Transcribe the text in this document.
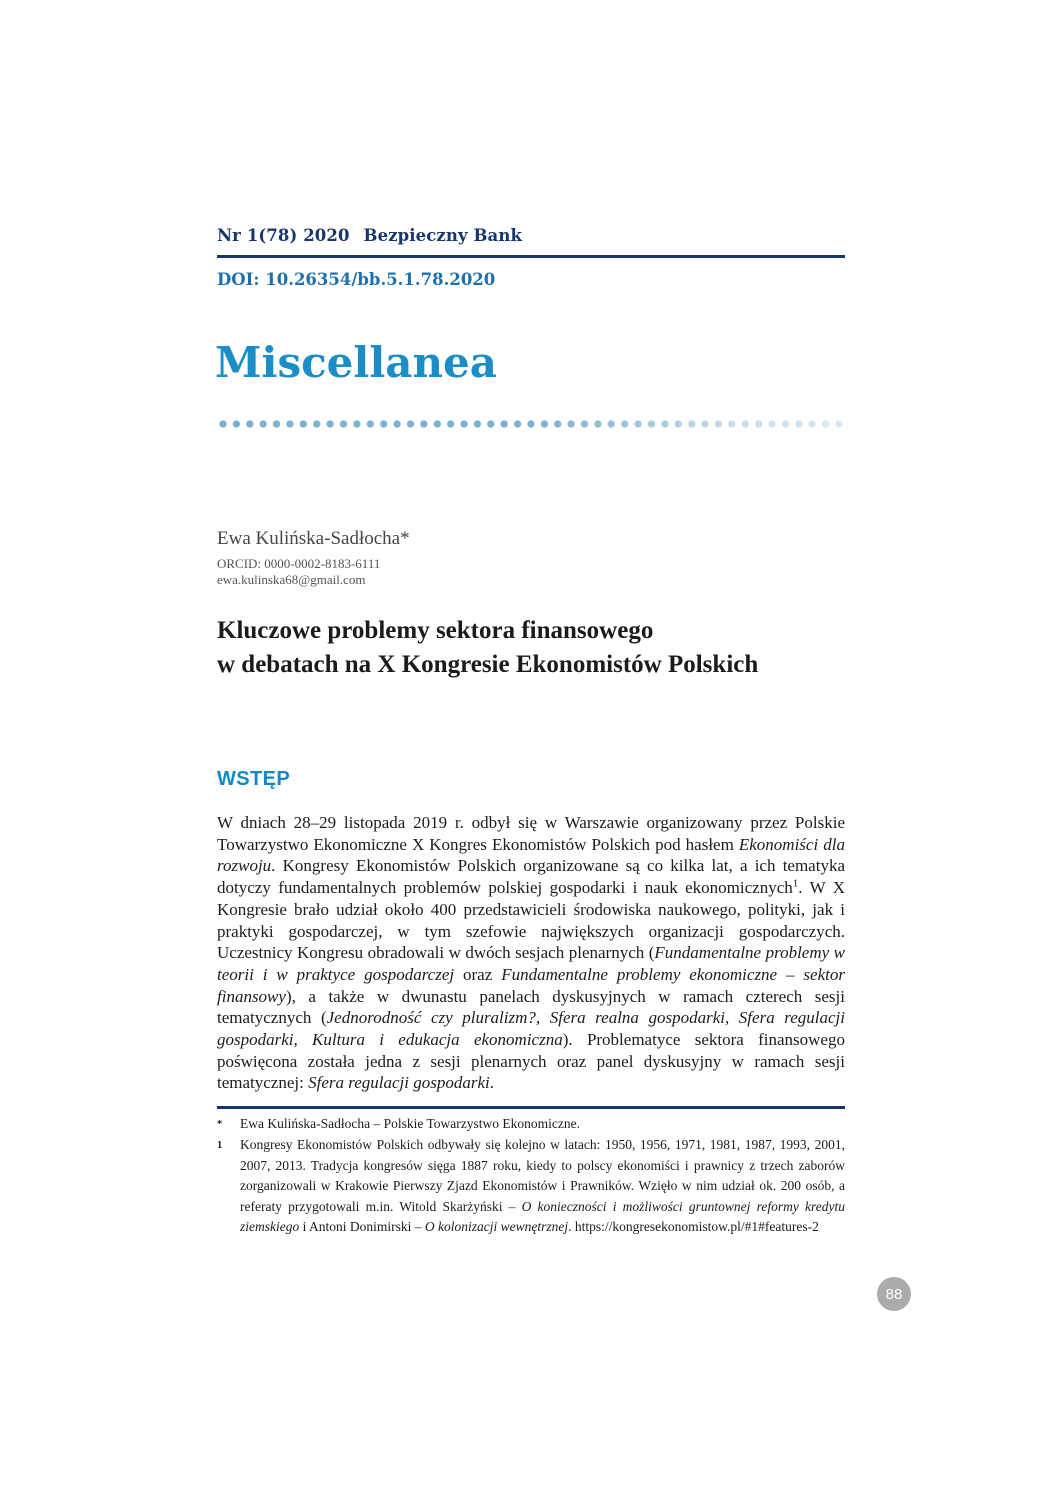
Nr 1(78) 2020 Bezpieczny Bank
DOI: 10.26354/bb.5.1.78.2020
Miscellanea
Ewa Kulińska-Sadłocha*
ORCID: 0000-0002-8183-6111
ewa.kulinska68@gmail.com
Kluczowe problemy sektora finansowego
w debatach na X Kongresie Ekonomistów Polskich
WSTĘP

W dniach 28–29 listopada 2019 r. odbył się w Warszawie organizowany przez Polskie Towarzystwo Ekonomiczne X Kongres Ekonomistów Polskich pod hasłem Ekonomiści dla rozwoju. Kongresy Ekonomistów Polskich organizowane są co kilka lat, a ich tematyka dotyczy fundamentalnych problemów polskiej gospodarki i nauk ekonomicznych$^1$. W X Kongresie brało udział około 400 przedstawicieli środowiska naukowego, polityki, jak i praktyki gospodarczej, w tym szefowie największych organizacji gospodarczych. Uczestnicy Kongresu obradowali w dwóch sesjach plenarnych (Fundamentalne problemy w teorii i w praktyce gospodarczej oraz Fundamentalne problemy ekonomiczne – sektor finansowy), a także w dwunastu panelach dyskusyjnych w ramach czterech sesji tematycznych (Jednorodność czy pluralizm?, Sfera realna gospodarki, Sfera regulacji gospodarki, Kultura i edukacja ekonomiczna). Problematyce sektora finansowego poświęcona została jedna z sesji plenarnych oraz panel dyskusyjny w ramach sesji tematycznej: Sfera regulacji gospodarki.

*	Ewa Kulińska-Sadłocha – Polskie Towarzystwo Ekonomiczne.
1	Kongresy Ekonomistów Polskich odbywały się kolejno w latach: 1950, 1956, 1971, 1981, 1987, 1993, 2001, 2007, 2013. Tradycja kongresów sięga 1887 roku, kiedy to polscy ekonomiści i prawnicy z trzech zaborów zorganizowali w Krakowie Pierwszy Zjazd Ekonomistów i Prawników. Wzięło w nim udział ok. 200 osób, a referaty przygotowali m.in. Witold Skarżyński – O konieczności i możliwości gruntownej reformy kredytu ziemskiego i Antoni Donimirski – O kolonizacji wewnętrznej. https://kongresekonomistow.pl/#1#features-2
88
